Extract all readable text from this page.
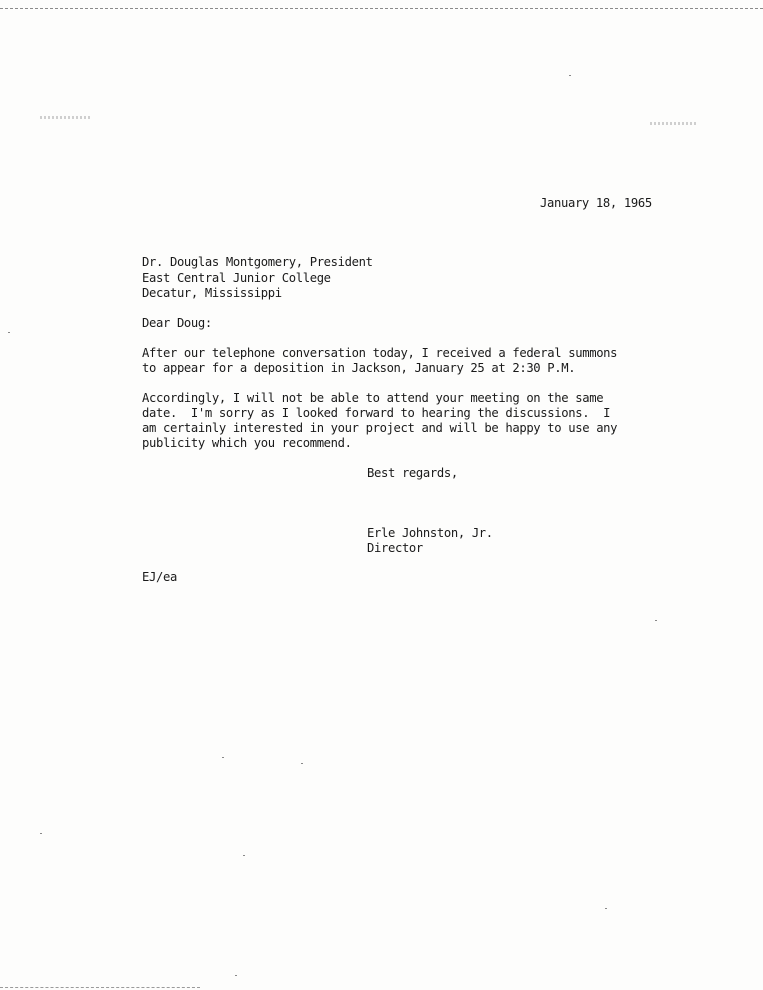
January 18, 1965
Dr. Douglas Montgomery, President
East Central Junior College
Decatur, Mississippi
Dear Doug:
After our telephone conversation today, I received a federal summons
to appear for a deposition in Jackson, January 25 at 2:30 P.M.
Accordingly, I will not be able to attend your meeting on the same
date.  I'm sorry as I looked forward to hearing the discussions.  I
am certainly interested in your project and will be happy to use any
publicity which you recommend.
Best regards,
Erle Johnston, Jr.
Director
EJ/ea
